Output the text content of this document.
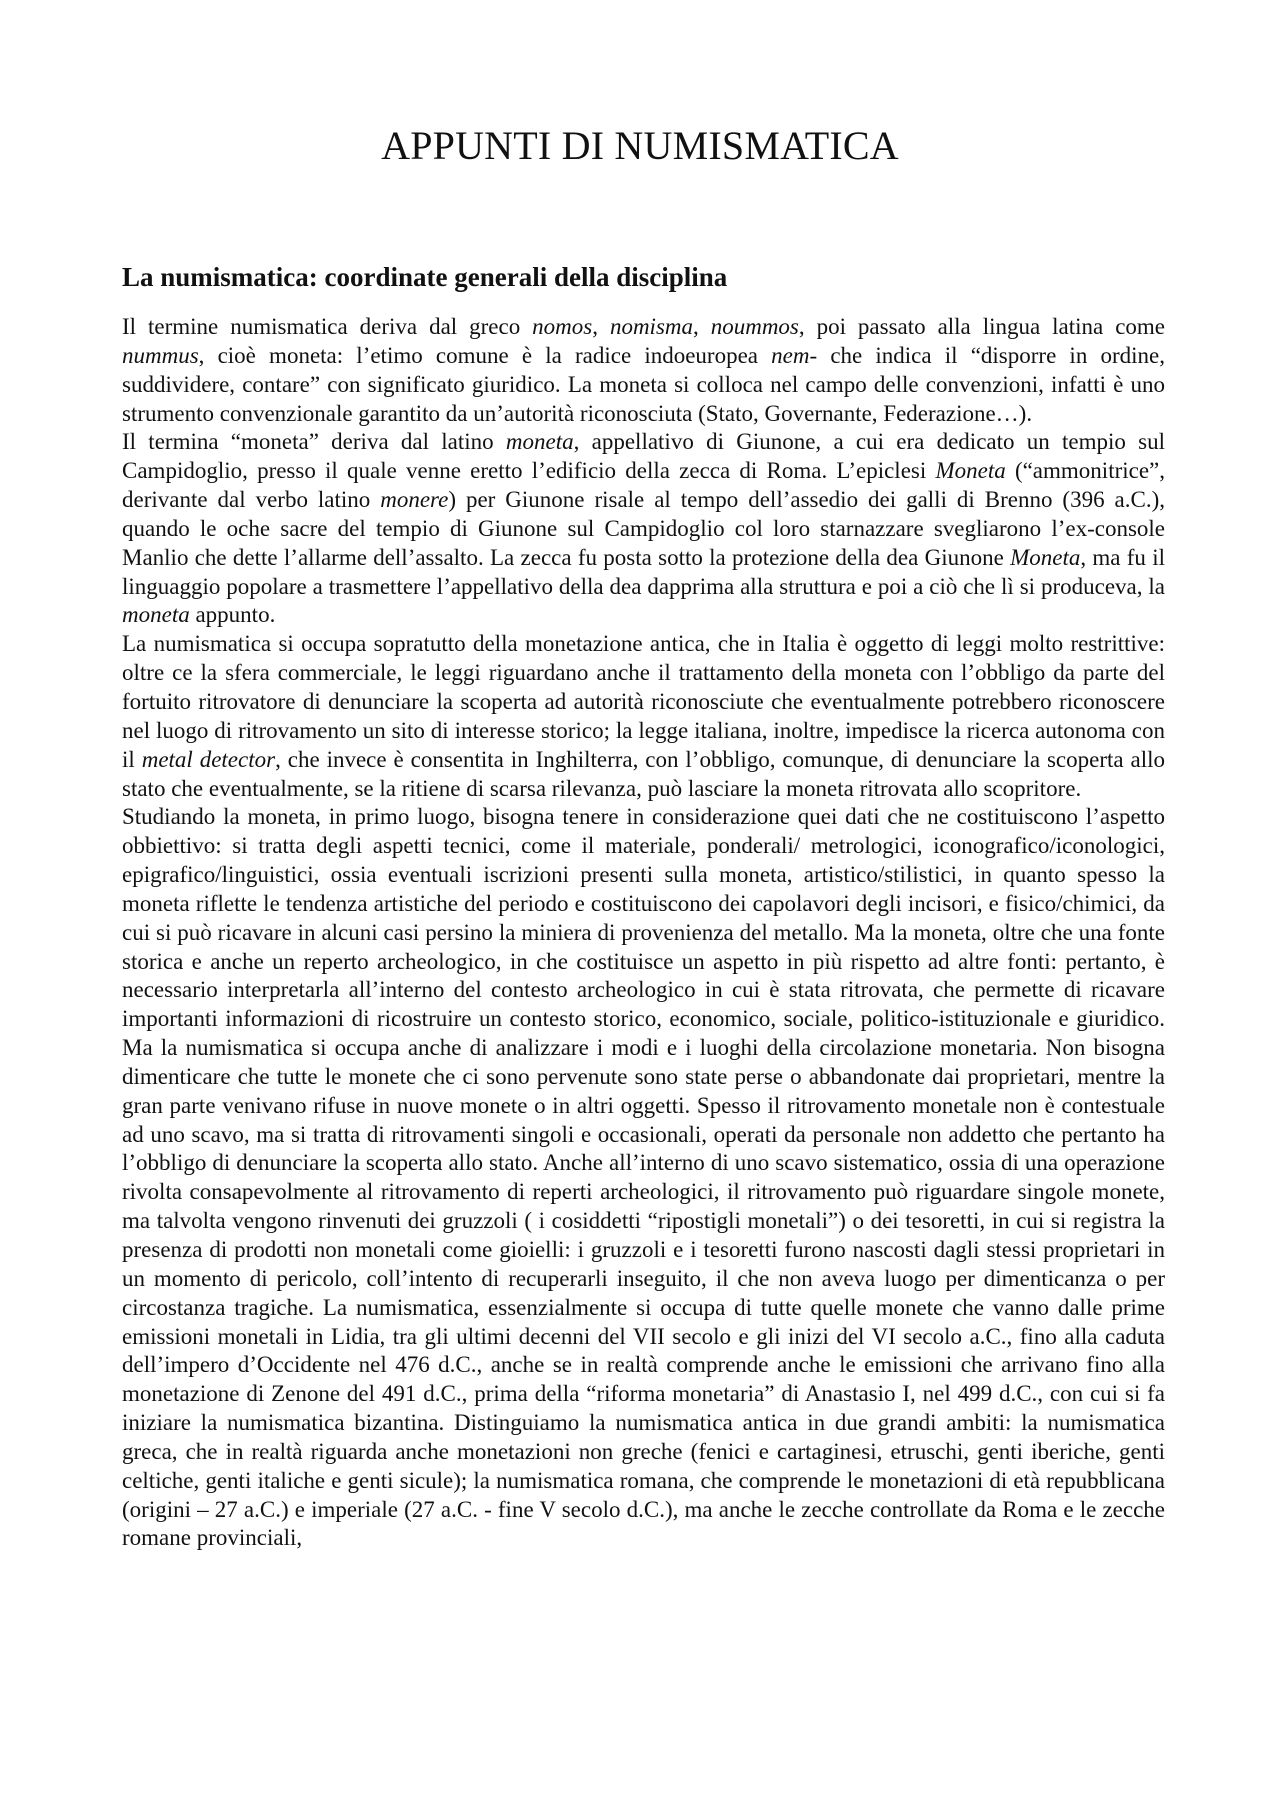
APPUNTI DI NUMISMATICA
La numismatica: coordinate generali della disciplina

Il termine numismatica deriva dal greco nomos, nomisma, noummos, poi passato alla lingua latina come nummus, cioè moneta: l’etimo comune è la radice indoeuropea nem- che indica il “disporre in ordine, suddividere, contare” con significato giuridico. La moneta si colloca nel campo delle convenzioni, infatti è uno strumento convenzionale garantito da un’autorità riconosciuta (Stato, Governante, Federazione…).

Il termina “moneta” deriva dal latino moneta, appellativo di Giunone, a cui era dedicato un tempio sul Campidoglio, presso il quale venne eretto l’edificio della zecca di Roma. L’epiclesi Moneta (“ammonitrice”, derivante dal verbo latino monere) per Giunone risale al tempo dell’assedio dei galli di Brenno (396 a.C.), quando le oche sacre del tempio di Giunone sul Campidoglio col loro starnazzare svegliarono l’ex-console Manlio che dette l’allarme dell’assalto. La zecca fu posta sotto la protezione della dea Giunone Moneta, ma fu il linguaggio popolare a trasmettere l’appellativo della dea dapprima alla struttura e poi a ciò che lì si produceva, la moneta appunto.

La numismatica si occupa sopratutto della monetazione antica, che in Italia è oggetto di leggi molto restrittive: oltre ce la sfera commerciale, le leggi riguardano anche il trattamento della moneta con l’obbligo da parte del fortuito ritrovatore di denunciare la scoperta ad autorità riconosciute che eventualmente potrebbero riconoscere nel luogo di ritrovamento un sito di interesse storico; la legge italiana, inoltre, impedisce la ricerca autonoma con il metal detector, che invece è consentita in Inghilterra, con l’obbligo, comunque, di denunciare la scoperta allo stato che eventualmente, se la ritiene di scarsa rilevanza, può lasciare la moneta ritrovata allo scopritore.

Studiando la moneta, in primo luogo, bisogna tenere in considerazione quei dati che ne costituiscono l’aspetto obbiettivo: si tratta degli aspetti tecnici, come il materiale, ponderali/ metrologici, iconografico/iconologici, epigrafico/linguistici, ossia eventuali iscrizioni presenti sulla moneta, artistico/stilistici, in quanto spesso la moneta riflette le tendenza artistiche del periodo e costituiscono dei capolavori degli incisori, e fisico/chimici, da cui si può ricavare in alcuni casi persino la miniera di provenienza del metallo. Ma la moneta, oltre che una fonte storica e anche un reperto archeologico, in che costituisce un aspetto in più rispetto ad altre fonti: pertanto, è necessario interpretarla all’interno del contesto archeologico in cui è stata ritrovata, che permette di ricavare importanti informazioni di ricostruire un contesto storico, economico, sociale, politico-istituzionale e giuridico. Ma la numismatica si occupa anche di analizzare i modi e i luoghi della circolazione monetaria. Non bisogna dimenticare che tutte le monete che ci sono pervenute sono state perse o abbandonate dai proprietari, mentre la gran parte venivano rifuse in nuove monete o in altri oggetti. Spesso il ritrovamento monetale non è contestuale ad uno scavo, ma si tratta di ritrovamenti singoli e occasionali, operati da personale non addetto che pertanto ha l’obbligo di denunciare la scoperta allo stato. Anche all’interno di uno scavo sistematico, ossia di una operazione rivolta consapevolmente al ritrovamento di reperti archeologici, il ritrovamento può riguardare singole monete, ma talvolta vengono rinvenuti dei gruzzoli ( i cosiddetti “ripostigli monetali”) o dei tesoretti, in cui si registra la presenza di prodotti non monetali come gioielli: i gruzzoli e i tesoretti furono nascosti dagli stessi proprietari in un momento di pericolo, coll’intento di recuperarli inseguito, il che non aveva luogo per dimenticanza o per circostanza tragiche. La numismatica, essenzialmente si occupa di tutte quelle monete che vanno dalle prime emissioni monetali in Lidia, tra gli ultimi decenni del VII secolo e gli inizi del VI secolo a.C., fino alla caduta dell’impero d’Occidente nel 476 d.C., anche se in realtà comprende anche le emissioni che arrivano fino alla monetazione di Zenone del 491 d.C., prima della “riforma monetaria” di Anastasio I, nel 499 d.C., con cui si fa iniziare la numismatica bizantina. Distinguiamo la numismatica antica in due grandi ambiti: la numismatica greca, che in realtà riguarda anche monetazioni non greche (fenici e cartaginesi, etruschi, genti iberiche, genti celtiche, genti italiche e genti sicule); la numismatica romana, che comprende le monetazioni di età repubblicana (origini – 27 a.C.) e imperiale (27 a.C. - fine V secolo d.C.), ma anche le zecche controllate da Roma e le zecche romane provinciali,
